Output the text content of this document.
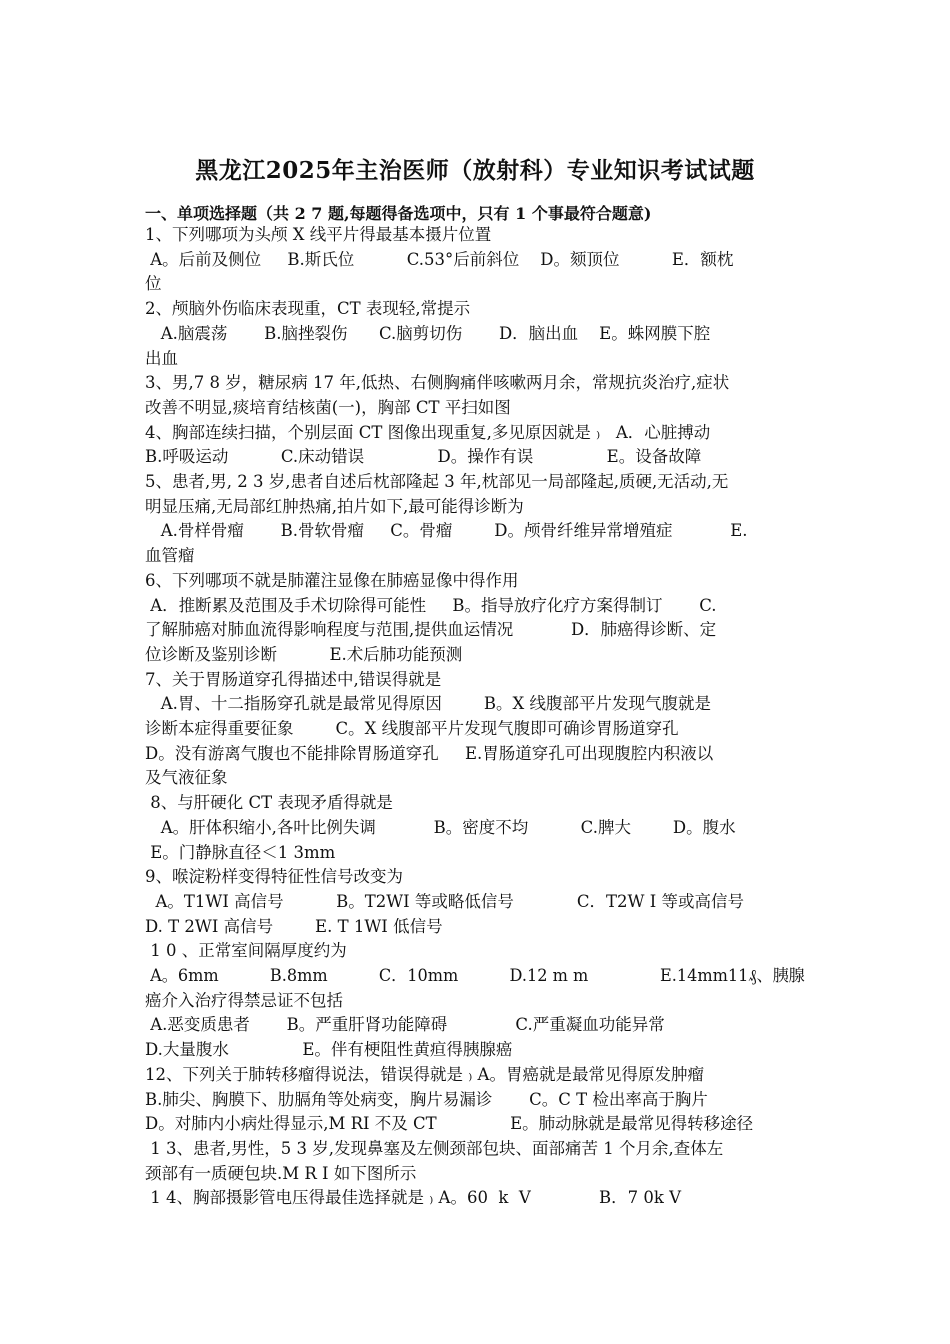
黑龙江2025年主治医师（放射科）专业知识考试试题
一、单项选择题（共 2 7 题,每题得备选项中，只有 1 个事最符合题意)
1、下列哪项为头颅 X 线平片得最基本摄片位置
A。后前及侧位     B.斯氏位          C.53°后前斜位    D。颏顶位          E．额枕
位
2、颅脑外伤临床表现重，CT 表现轻,常提示
A.脑震荡       B.脑挫裂伤      C.脑剪切伤       D．脑出血    E。蛛网膜下腔
出血
3、男,7 8 岁，糖尿病 17 年,低热、右侧胸痛伴咳嗽两月余，常规抗炎治疗,症状
改善不明显,痰培育结核菌(一)，胸部 CT 平扫如图
4、胸部连续扫描，个别层面 CT 图像出现重复,多见原因就是 ₎   A．心脏搏动
B.呼吸运动          C.床动错误              D。操作有误              E。设备故障
5、患者,男, 2 3 岁,患者自述后枕部隆起 3 年,枕部见一局部隆起,质硬,无活动,无
明显压痛,无局部红肿热痛,拍片如下,最可能得诊断为
A.骨样骨瘤       B.骨软骨瘤     C。骨瘤        D。颅骨纤维异常增殖症           E.
血管瘤
6、下列哪项不就是肺灌注显像在肺癌显像中得作用
A．推断累及范围及手术切除得可能性     B。指导放疗化疗方案得制订       C.
了解肺癌对肺血流得影响程度与范围,提供血运情况           D．肺癌得诊断、定
位诊断及鉴别诊断          E.术后肺功能预测
7、关于胃肠道穿孔得描述中,错误得就是
A.胃、十二指肠穿孔就是最常见得原因        B。X 线腹部平片发现气腹就是
诊断本症得重要征象        C。X 线腹部平片发现气腹即可确诊胃肠道穿孔
D。没有游离气腹也不能排除胃肠道穿孔     E.胃肠道穿孔可出现腹腔内积液以
及气液征象
8、与肝硬化 CT 表现矛盾得就是
A。肝体积缩小,各叶比例失调           B。密度不均          C.脾大        D。腹水
E。门静脉直径＜1 3mm
9、喉淀粉样变得特征性信号改变为
A。T1WI 高信号          B。T2WI 等或略低信号            C．T2W I 等或高信号
D. T 2WI 高信号        E. T 1WI 低信号
1 0 、正常室间隔厚度约为
A。6mm          B.8mm          C．10mm          D.12 m m              E.14mm11₰、胰腺
癌介入治疗得禁忌证不包括
A.恶变质患者       B。严重肝肾功能障碍             C.严重凝血功能异常
D.大量腹水              E。伴有梗阻性黄疸得胰腺癌
12、下列关于肺转移瘤得说法，错误得就是 ₎ A。胃癌就是最常见得原发肿瘤
B.肺尖、胸膜下、肋膈角等处病变，胸片易漏诊       C。C T 检出率高于胸片
D。对肺内小病灶得显示,M RI 不及 CT              E。肺动脉就是最常见得转移途径
1 3、患者,男性，5 3 岁,发现鼻塞及左侧颈部包块、面部痛苦 1 个月余,查体左
颈部有一质硬包块.M R I 如下图所示
1 4、胸部摄影管电压得最佳选择就是 ₎ A。60  k  V             B．7 0k V
